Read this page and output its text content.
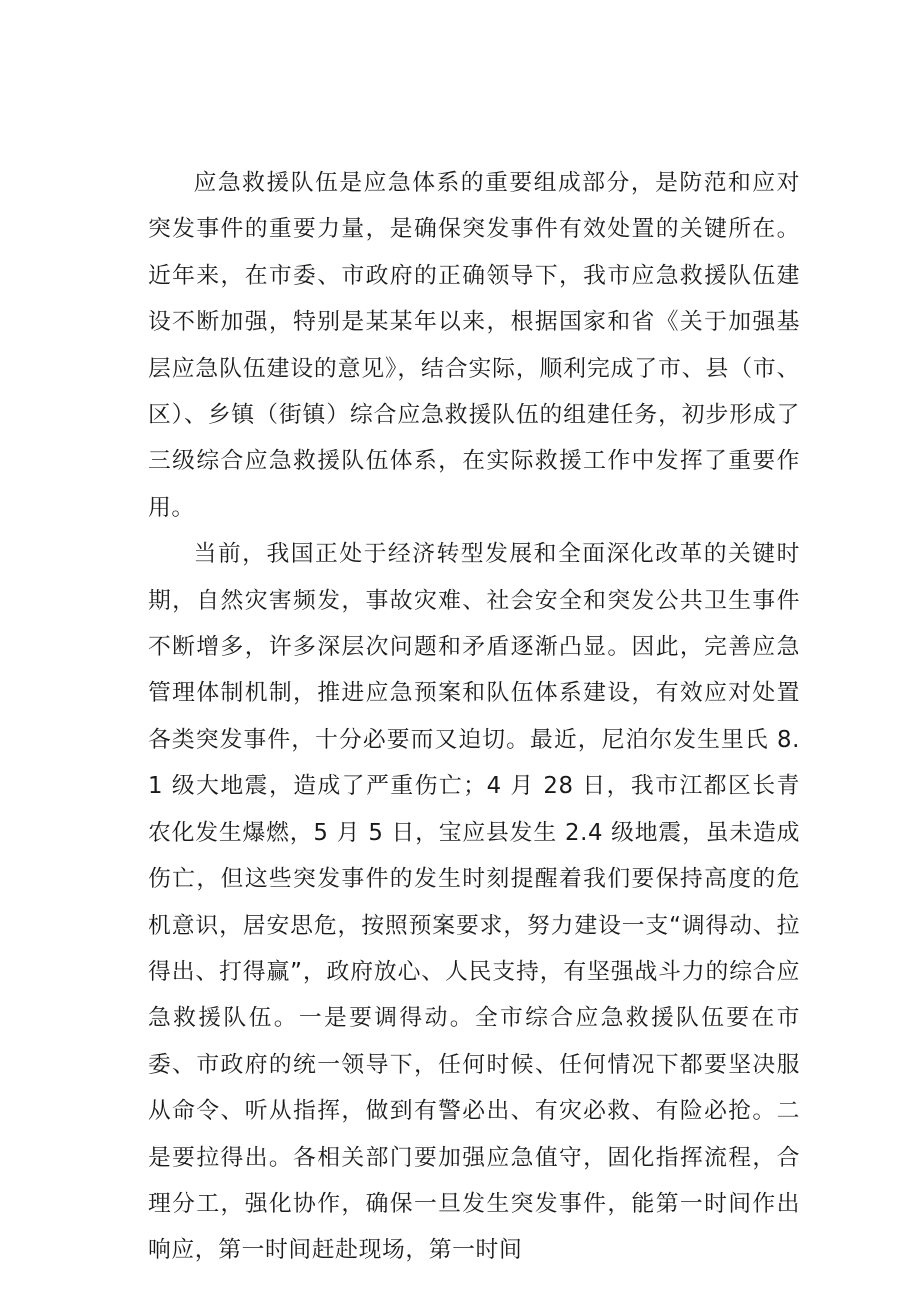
应急救援队伍是应急体系的重要组成部分，是防范和应对突发事件的重要力量，是确保突发事件有效处置的关键所在。近年来，在市委、市政府的正确领导下，我市应急救援队伍建设不断加强，特别是某某年以来，根据国家和省《关于加强基层应急队伍建设的意见》，结合实际，顺利完成了市、县（市、区）、乡镇（街镇）综合应急救援队伍的组建任务，初步形成了三级综合应急救援队伍体系，在实际救援工作中发挥了重要作用。

当前，我国正处于经济转型发展和全面深化改革的关键时期，自然灾害频发，事故灾难、社会安全和突发公共卫生事件不断增多，许多深层次问题和矛盾逐渐凸显。因此，完善应急管理体制机制，推进应急预案和队伍体系建设，有效应对处置各类突发事件，十分必要而又迫切。最近，尼泊尔发生里氏 8.1 级大地震，造成了严重伤亡；4 月 28 日，我市江都区长青农化发生爆燃，5 月 5 日，宝应县发生 2.4 级地震，虽未造成伤亡，但这些突发事件的发生时刻提醒着我们要保持高度的危机意识，居安思危，按照预案要求，努力建设一支“调得动、拉得出、打得赢”，政府放心、人民支持，有坚强战斗力的综合应急救援队伍。一是要调得动。全市综合应急救援队伍要在市委、市政府的统一领导下，任何时候、任何情况下都要坚决服从命令、听从指挥，做到有警必出、有灾必救、有险必抢。二是要拉得出。各相关部门要加强应急值守，固化指挥流程，合理分工，强化协作，确保一旦发生突发事件，能第一时间作出响应，第一时间赶赴现场，第一时间
